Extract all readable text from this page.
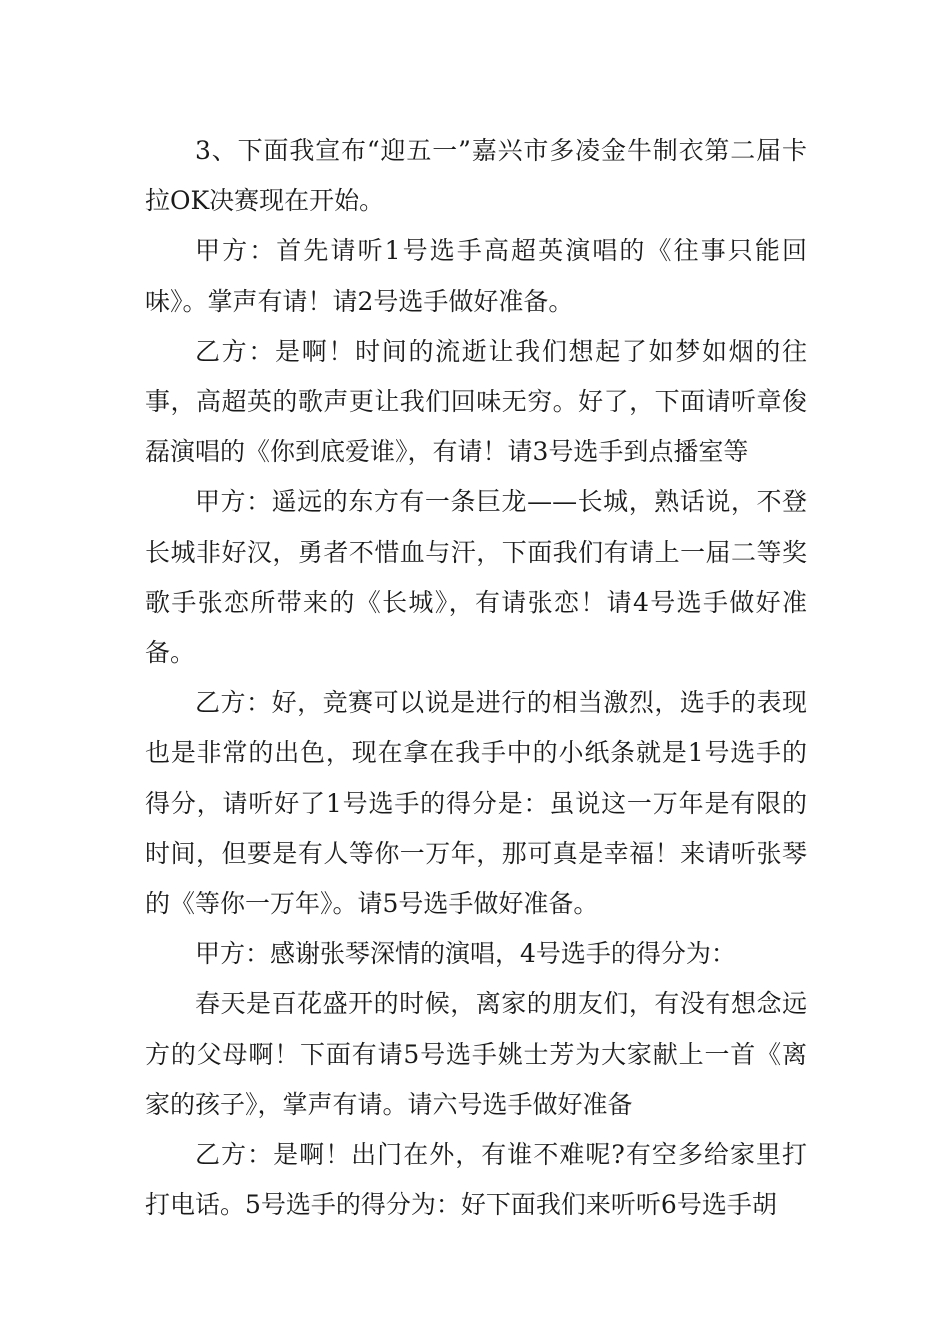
3、下面我宣布“迎五一”嘉兴市多凌金牛制衣第二届卡拉OK决赛现在开始。

甲方：首先请听1号选手高超英演唱的《往事只能回味》。掌声有请！请2号选手做好准备。

乙方：是啊！时间的流逝让我们想起了如梦如烟的往事，高超英的歌声更让我们回味无穷。好了，下面请听章俊磊演唱的《你到底爱谁》，有请！请3号选手到点播室等

甲方：遥远的东方有一条巨龙——长城，熟话说，不登长城非好汉，勇者不惜血与汗，下面我们有请上一届二等奖歌手张恋所带来的《长城》，有请张恋！请4号选手做好准备。

乙方：好，竞赛可以说是进行的相当激烈，选手的表现也是非常的出色，现在拿在我手中的小纸条就是1号选手的得分，请听好了1号选手的得分是：虽说这一万年是有限的时间，但要是有人等你一万年，那可真是幸福！来请听张琴的《等你一万年》。请5号选手做好准备。

甲方：感谢张琴深情的演唱，4号选手的得分为：

春天是百花盛开的时候，离家的朋友们，有没有想念远方的父母啊！下面有请5号选手姚士芳为大家献上一首《离家的孩子》，掌声有请。请六号选手做好准备

乙方：是啊！出门在外，有谁不难呢?有空多给家里打打电话。5号选手的得分为：好下面我们来听听6号选手胡
